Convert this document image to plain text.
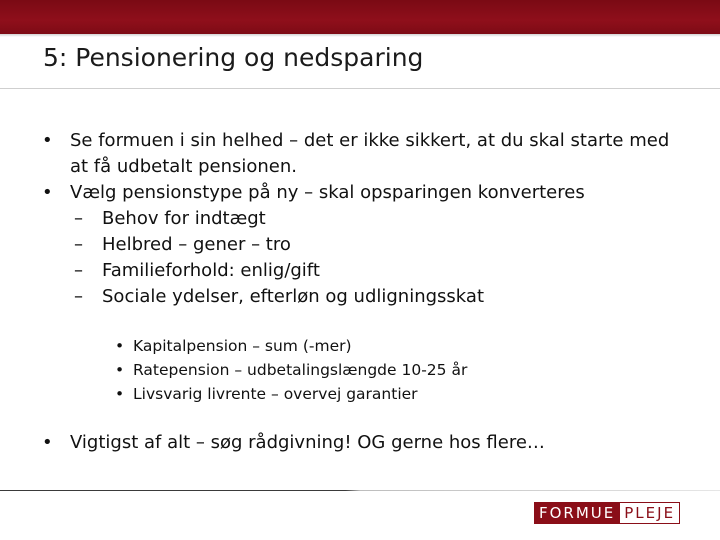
5: Pensionering og nedsparing
• Se formuen i sin helhed – det er ikke sikkert, at du skal starte med at få udbetalt pensionen.
• Vælg pensionstype på ny – skal opsparingen konverteres
– Behov for indtægt
– Helbred – gener – tro
– Familieforhold: enlig/gift
– Sociale ydelser, efterløn og udligningsskat
• Kapitalpension – sum (-mer)
• Ratepension – udbetalingslængde 10-25 år
• Livsvarig livrente – overvej garantier
• Vigtigst af alt – søg rådgivning! OG gerne hos flere…
FORMUE PLEJE
